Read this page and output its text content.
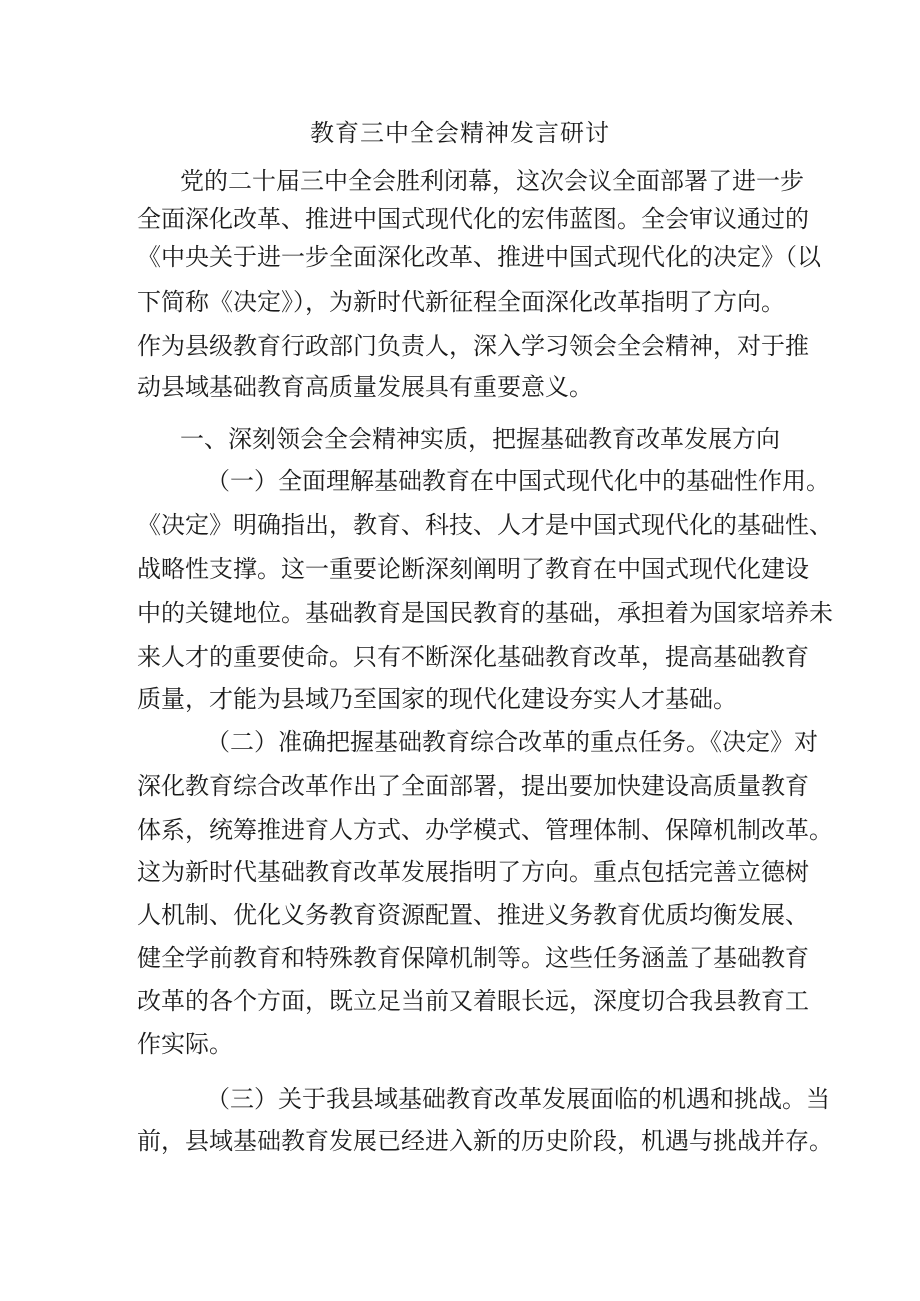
教育三中全会精神发言研讨
党的二十届三中全会胜利闭幕，这次会议全面部署了进一步
全面深化改革、推进中国式现代化的宏伟蓝图。全会审议通过的
《中央关于进一步全面深化改革、推进中国式现代化的决定》（以
下简称《决定》），为新时代新征程全面深化改革指明了方向。
作为县级教育行政部门负责人，深入学习领会全会精神，对于推
动县域基础教育高质量发展具有重要意义。
一、深刻领会全会精神实质，把握基础教育改革发展方向
（一）全面理解基础教育在中国式现代化中的基础性作用。
《决定》明确指出，教育、科技、人才是中国式现代化的基础性、
战略性支撑。这一重要论断深刻阐明了教育在中国式现代化建设
中的关键地位。基础教育是国民教育的基础，承担着为国家培养未
来人才的重要使命。只有不断深化基础教育改革，提高基础教育
质量，才能为县域乃至国家的现代化建设夯实人才基础。
（二）准确把握基础教育综合改革的重点任务。《决定》对
深化教育综合改革作出了全面部署，提出要加快建设高质量教育
体系，统筹推进育人方式、办学模式、管理体制、保障机制改革。
这为新时代基础教育改革发展指明了方向。重点包括完善立德树
人机制、优化义务教育资源配置、推进义务教育优质均衡发展、
健全学前教育和特殊教育保障机制等。这些任务涵盖了基础教育
改革的各个方面，既立足当前又着眼长远，深度切合我县教育工
作实际。
（三）关于我县域基础教育改革发展面临的机遇和挑战。当
前，县域基础教育发展已经进入新的历史阶段，机遇与挑战并存。
